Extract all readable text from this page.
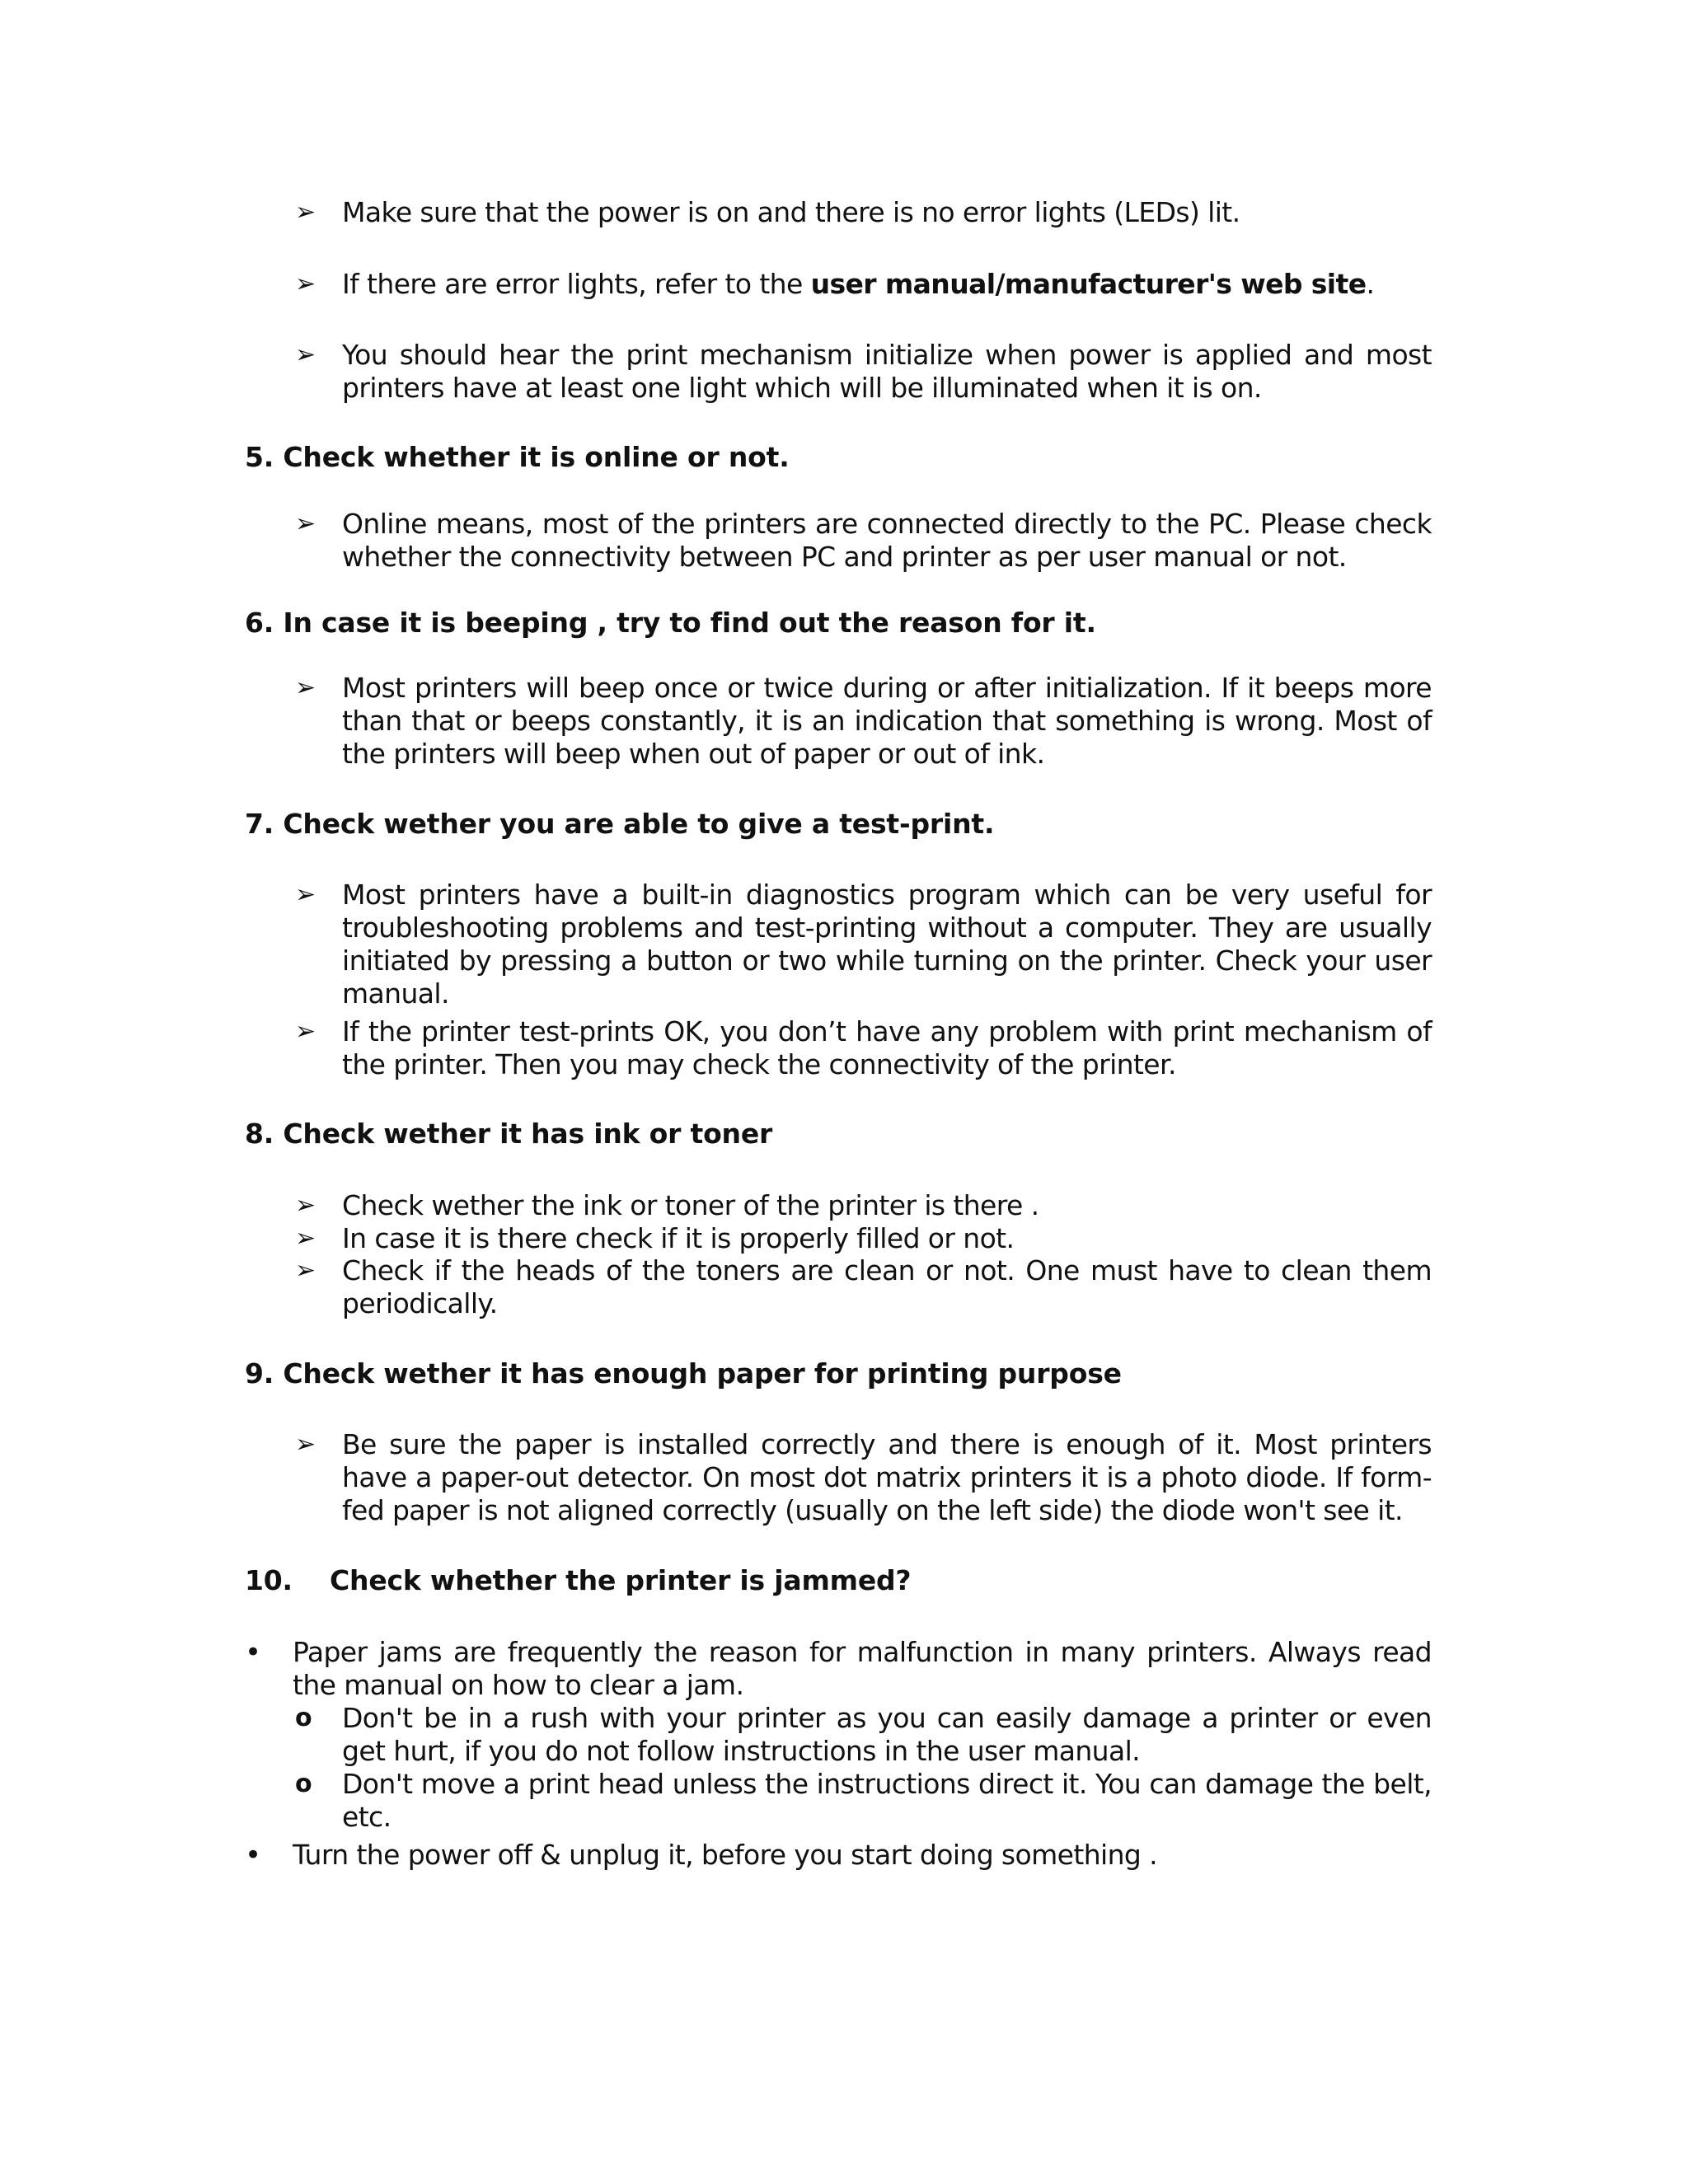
➢ Make sure that the power is on and there is no error lights (LEDs) lit.
➢ If there are error lights, refer to the user manual/manufacturer's web site.
➢ You should hear the print mechanism initialize when power is applied and most printers have at least one light which will be illuminated when it is on.
5. Check whether it is online or not.
➢ Online means, most of the printers are connected directly to the PC. Please check whether the connectivity between PC and printer as per user manual or not.
6. In case it is beeping , try to find out the reason for it.
➢ Most printers will beep once or twice during or after initialization. If it beeps more than that or beeps constantly, it is an indication that something is wrong. Most of the printers will beep when out of paper or out of ink.
7. Check wether you are able to give a test-print.
➢ Most printers have a built-in diagnostics program which can be very useful for troubleshooting problems and test-printing without a computer. They are usually initiated by pressing a button or two while turning on the printer. Check your user manual.
➢ If the printer test-prints OK, you don’t have any problem with print mechanism of the printer. Then you may check the connectivity of the printer.
8. Check wether it has ink or toner
➢ Check wether the ink or toner of the printer is there .
➢ In case it is there check if it is properly filled or not.
➢ Check if the heads of the toners are clean or not. One must have to clean them periodically.
9. Check wether it has enough paper for printing purpose
➢ Be sure the paper is installed correctly and there is enough of it. Most printers have a paper-out detector. On most dot matrix printers it is a photo diode. If form-fed paper is not aligned correctly (usually on the left side) the diode won't see it.
10.    Check whether the printer is jammed?
• Paper jams are frequently the reason for malfunction in many printers. Always read the manual on how to clear a jam.
o Don't be in a rush with your printer as you can easily damage a printer or even get hurt, if you do not follow instructions in the user manual.
o Don't move a print head unless the instructions direct it. You can damage the belt, etc.
• Turn the power off & unplug it, before you start doing something .
